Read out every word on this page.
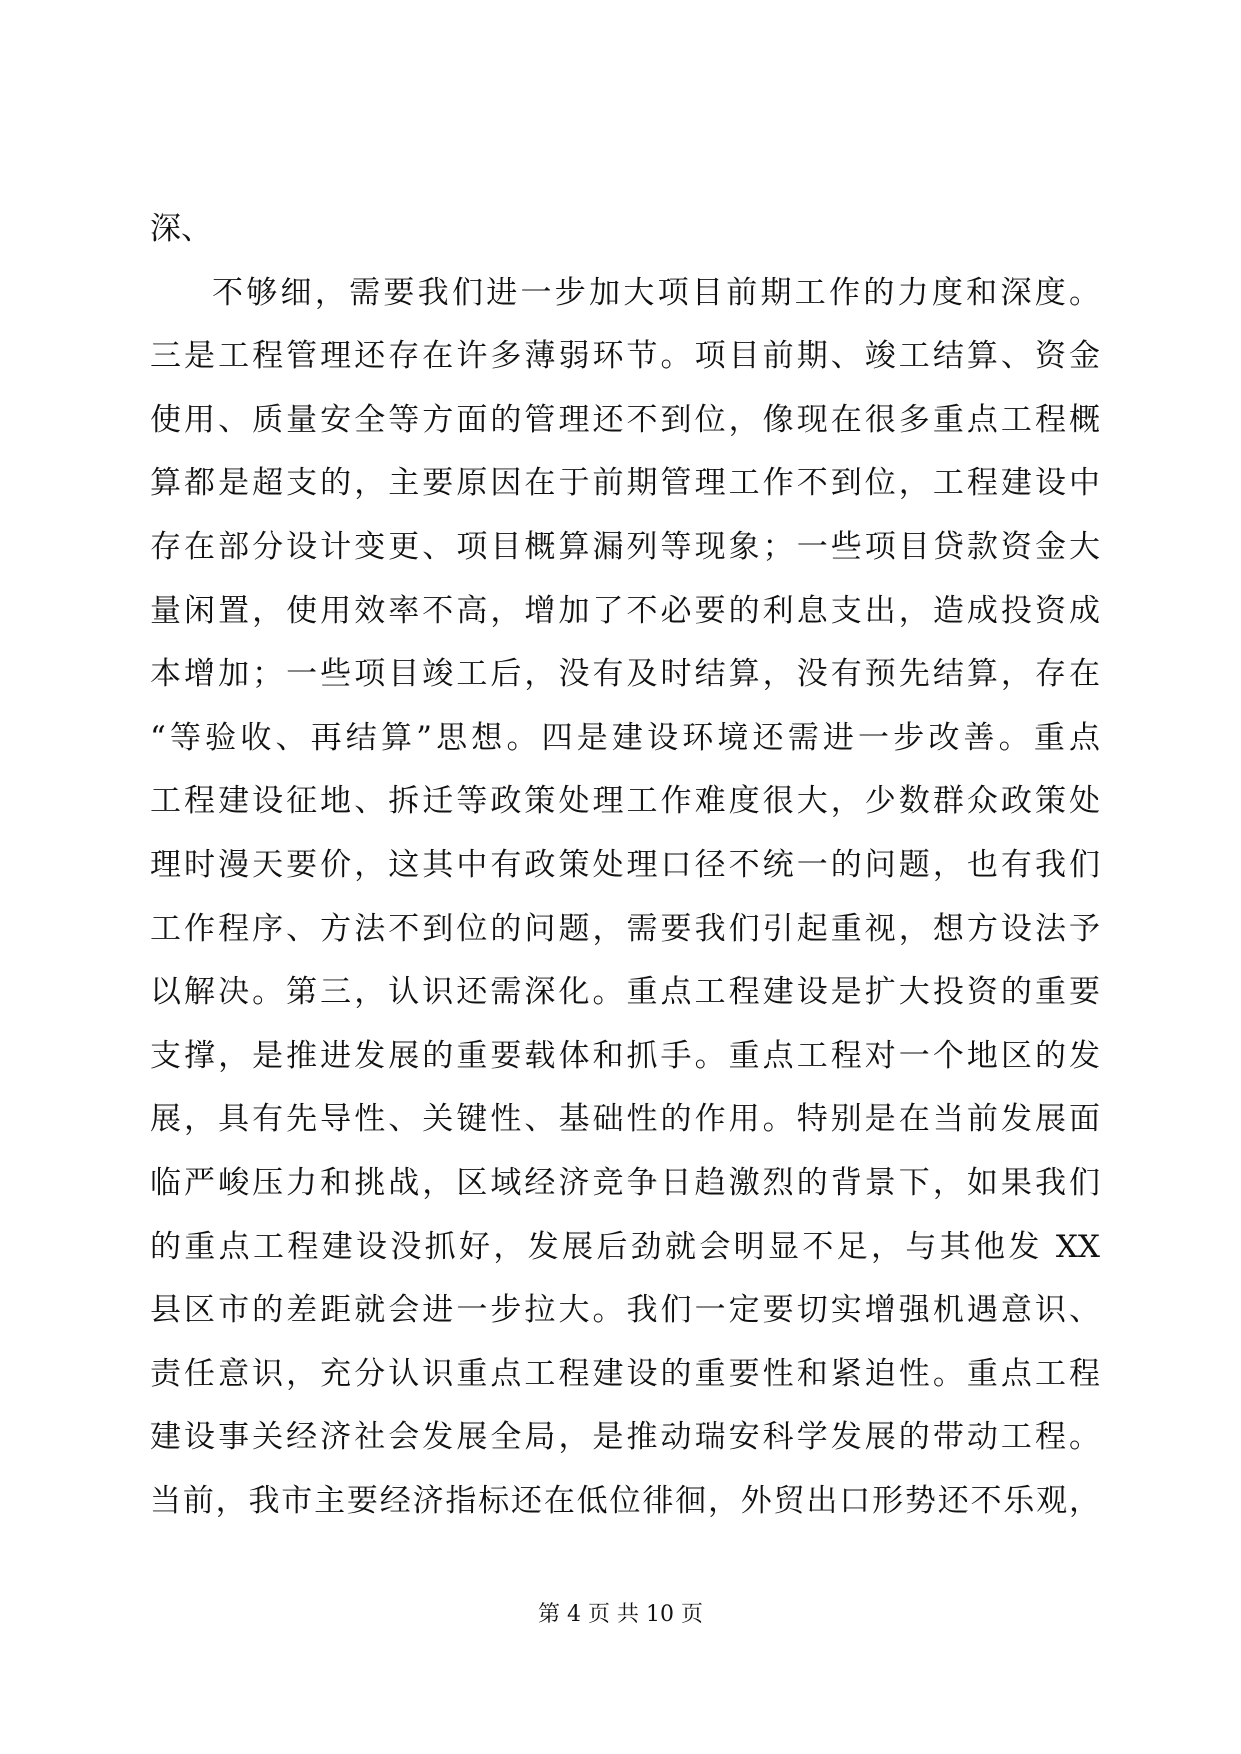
深、
不够细，需要我们进一步加大项目前期工作的力度和深度。
三是工程管理还存在许多薄弱环节。项目前期、竣工结算、资金
使用、质量安全等方面的管理还不到位，像现在很多重点工程概
算都是超支的，主要原因在于前期管理工作不到位，工程建设中
存在部分设计变更、项目概算漏列等现象；一些项目贷款资金大
量闲置，使用效率不高，增加了不必要的利息支出，造成投资成
本增加；一些项目竣工后，没有及时结算，没有预先结算，存在
“等验收、再结算”思想。四是建设环境还需进一步改善。重点
工程建设征地、拆迁等政策处理工作难度很大，少数群众政策处
理时漫天要价，这其中有政策处理口径不统一的问题，也有我们
工作程序、方法不到位的问题，需要我们引起重视，想方设法予
以解决。第三，认识还需深化。重点工程建设是扩大投资的重要
支撑，是推进发展的重要载体和抓手。重点工程对一个地区的发
展，具有先导性、关键性、基础性的作用。特别是在当前发展面
临严峻压力和挑战，区域经济竞争日趋激烈的背景下，如果我们
的重点工程建设没抓好，发展后劲就会明显不足，与其他发 XX
县区市的差距就会进一步拉大。我们一定要切实增强机遇意识、
责任意识，充分认识重点工程建设的重要性和紧迫性。重点工程
建设事关经济社会发展全局，是推动瑞安科学发展的带动工程。
当前，我市主要经济指标还在低位徘徊，外贸出口形势还不乐观，
第 4 页 共 10 页
